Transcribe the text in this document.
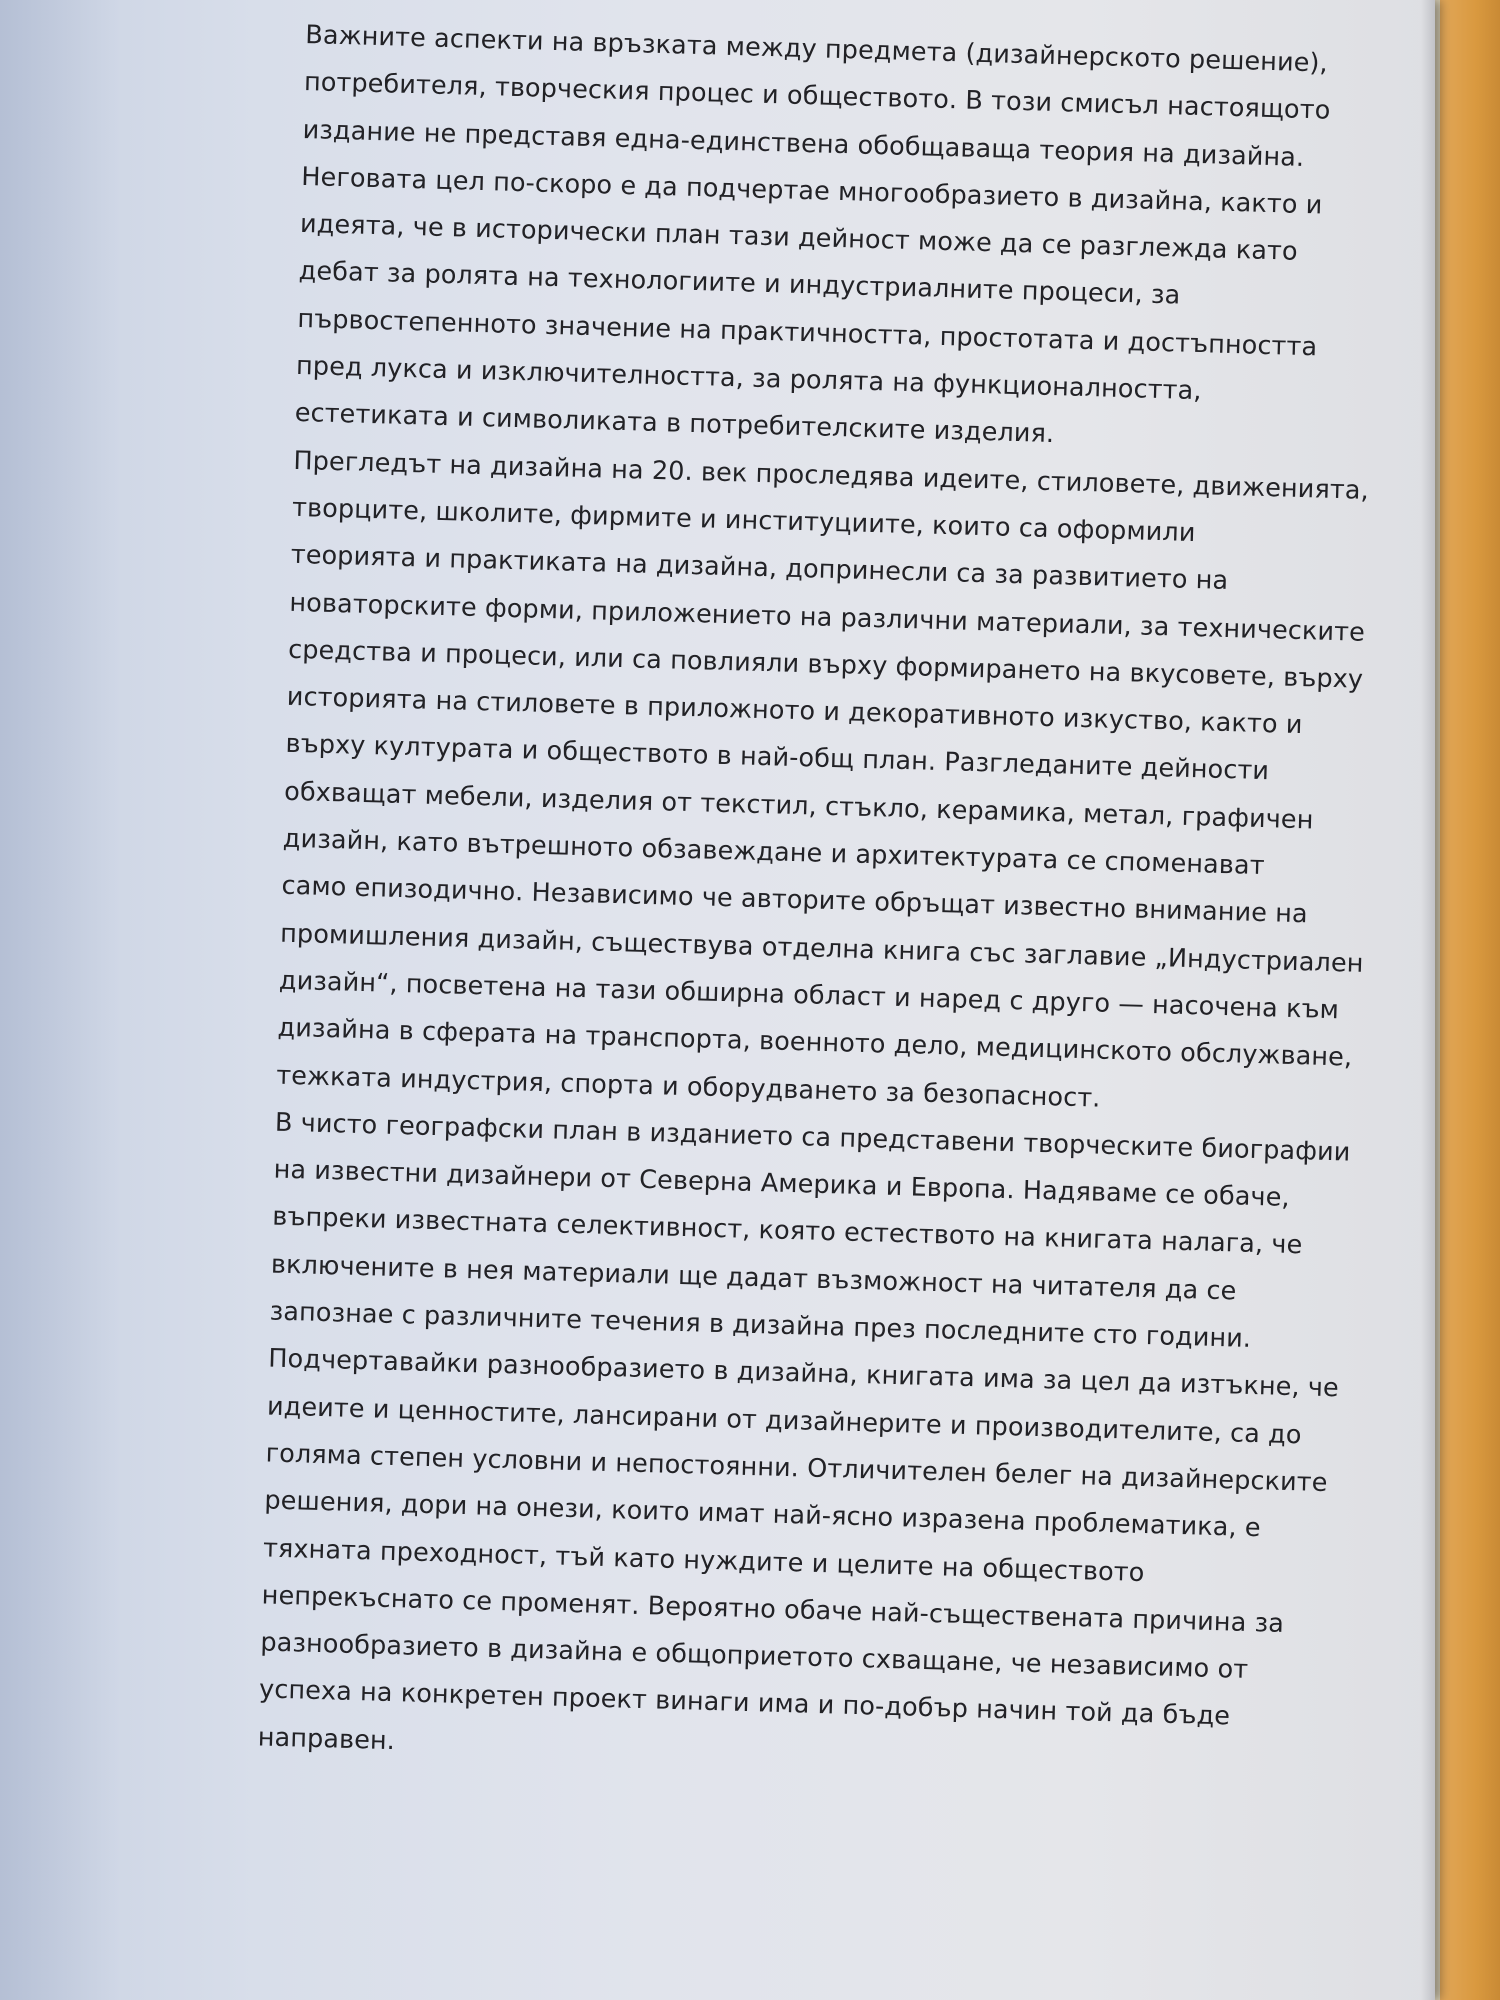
Важните аспекти на връзката между предмета (дизайнерското решение),
потребителя, творческия процес и обществото. В този смисъл настоящото
издание не представя една-единствена обобщаваща теория на дизайна.
Неговата цел по-скоро е да подчертае многообразието в дизайна, както и
идеята, че в исторически план тази дейност може да се разглежда като
дебат за ролята на технологиите и индустриалните процеси, за
първостепенното значение на практичността, простотата и достъпността
пред лукса и изключителността, за ролята на функционалността,
естетиката и символиката в потребителските изделия.
Прегледът на дизайна на 20. век проследява идеите, стиловете, движенията,
творците, школите, фирмите и институциите, които са оформили
теорията и практиката на дизайна, допринесли са за развитието на
новаторските форми, приложението на различни материали, за техническите
средства и процеси, или са повлияли върху формирането на вкусовете, върху
историята на стиловете в приложното и декоративното изкуство, както и
върху културата и обществото в най-общ план. Разгледаните дейности
обхващат мебели, изделия от текстил, стъкло, керамика, метал, графичен
дизайн, като вътрешното обзавеждане и архитектурата се споменават
само епизодично. Независимо че авторите обръщат известно внимание на
промишления дизайн, съществува отделна книга със заглавие „Индустриален
дизайн“, посветена на тази обширна област и наред с друго — насочена към
дизайна в сферата на транспорта, военното дело, медицинското обслужване,
тежката индустрия, спорта и оборудването за безопасност.
В чисто географски план в изданието са представени творческите биографии
на известни дизайнери от Северна Америка и Европа. Надяваме се обаче,
въпреки известната селективност, която естеството на книгата налага, че
включените в нея материали ще дадат възможност на читателя да се
запознае с различните течения в дизайна през последните сто години.
Подчертавайки разнообразието в дизайна, книгата има за цел да изтъкне, че
идеите и ценностите, лансирани от дизайнерите и производителите, са до
голяма степен условни и непостоянни. Отличителен белег на дизайнерските
решения, дори на онези, които имат най-ясно изразена проблематика, е
тяхната преходност, тъй като нуждите и целите на обществото
непрекъснато се променят. Вероятно обаче най-съществената причина за
разнообразието в дизайна е общоприетото схващане, че независимо от
успеха на конкретен проект винаги има и по-добър начин той да бъде
направен.
